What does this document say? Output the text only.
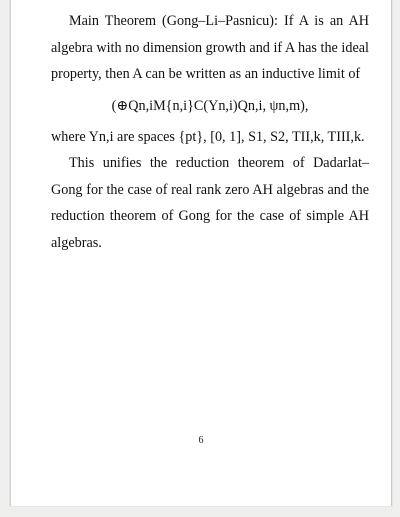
Main Theorem (Gong–Li–Pasnicu): If A is an AH algebra with no dimension growth and if A has the ideal property, then A can be written as an inductive limit of

(⊕Qn,iM{n,i}C(Yn,i)Qn,i, ψn,m),

where Yn,i are spaces {pt}, [0, 1], S1, S2, TII,k, TIII,k.

This unifies the reduction theorem of Dadarlat–Gong for the case of real rank zero AH algebras and the reduction theorem of Gong for the case of simple AH algebras.

6
